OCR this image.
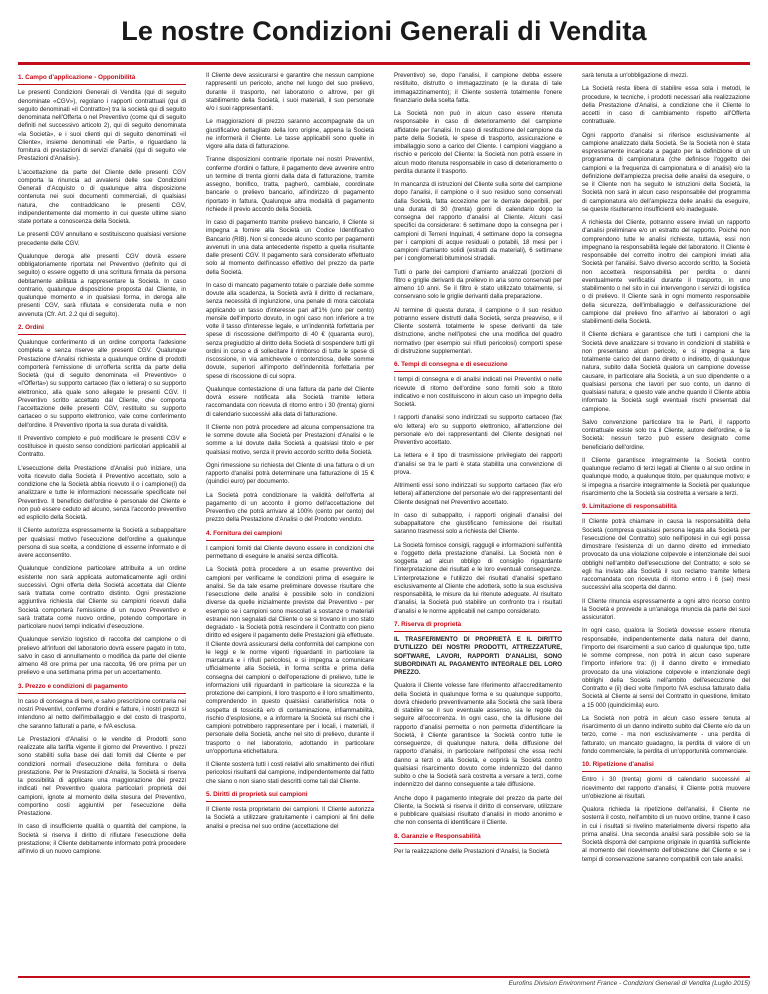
Le nostre Condizioni Generali di Vendita
1. Campo d'applicazione - Opponibilità

Le presenti Condizioni Generali di Vendita (qui di seguito denominate «CGV»), regolano i rapporti contrattuali (qui di seguito denominati «il Contratto») tra la società qui di seguito denominata nell'Offerta o nel Preventivo (come qui di seguito definiti nel successivo articolo 2), qui di seguito denominata «la Società», e i suoi clienti qui di seguito denominati «il Cliente», insieme denominati «le Parti», e riguardano la fornitura di prestazioni di servizi d'analisi (qui di seguito «le Prestazioni d'Analisi»).

L'accettazione da parte del Cliente delle presenti CGV comporta la rinuncia ad avvalersi delle sue Condizioni Generali d'Acquisto o di qualunque altra disposizione contenuta nei suoi documenti commerciali, di qualsiasi natura, che contraddicano le presenti CGV, indipendentemente dal momento in cui queste ultime siano state portate a conoscenza della Società.

Le presenti CGV annullano e sostituiscono qualsiasi versione precedente delle CGV.

Qualunque deroga alle presenti CGV dovrà essere obbligatoriamente riportata nel Preventivo (definito qui di seguito) o essere oggetto di una scrittura firmata da persona debitamente abilitata a rappresentare la Società. In caso contrario, qualunque disposizione proposta dal Cliente, in qualunque momento e in qualsiasi forma, in deroga alle presenti CGV, sarà rifiutata e considerata nulla e non avvenuta (Cfr. Art. 2.2 qui di seguito).

2. Ordini

Qualunque conferimento di un ordine comporta l'adesione completa e senza riserve alle presenti CGV. Qualunque Prestazione d'Analisi richiesta a qualunque ordine di prodotti comporterà l'emissione di un'offerta scritta da parte della Società (qui di seguito denominata «il Preventivo» o «l'Offerta») su supporto cartaceo (fax o lettera) o su supporto elettronico, alla quale sono allegate le presenti CGV. Il Preventivo scritto accettato dal Cliente, che comporta l'accettazione delle presenti CGV, restituito su supporto cartaceo o su supporto elettronico, vale come conferimento dell'ordine. Il Preventivo riporta la sua durata di validità.

Il Preventivo completo e può modificare le presenti CGV e costituisce in questo senso condizioni particolari applicabili al Contratto.

L'esecuzione della Prestazione d'Analisi può iniziare, una volta ricevuto dalla Società il Preventivo accettato, solo a condizione che la Società abbia ricevuto il o i campione(i) da analizzare e tutte le informazioni necessarie specificate nel Preventivo. Il beneficio dell'ordine è personale del Cliente e non può essere ceduto ad alcuno, senza l'accordo preventivo ed esplicito della Società.

Il Cliente autorizza espressamente la Società a subappaltare per qualsiasi motivo l'esecuzione dell'ordine a qualunque persona di sua scelta, a condizione di esserne informato e di avere acconsentito.

Qualunque condizione particolare attribuita a un ordine esistente non sarà applicata automaticamente agli ordini successivi. Ogni offerta della Società accettata dal Cliente sarà trattata come contratto distinto. Ogni prestazione aggiuntiva richiesta dal Cliente su campioni ricevuti dalla Società comporterà l'emissione di un nuovo Preventivo e sarà trattata come nuovo ordine, potendo comportare in particolare nuovi tempi indicativi d'esecuzione.

Qualunque servizio logistico di raccolta del campione o di prelievo all'infuori del laboratorio dovrà essere pagato in toto, salvo in caso di annullamento o modifica da parte del cliente almeno 48 ore prima per una raccolta, 96 ore prima per un prelievo e una settimana prima per un accertamento.

3. Prezzo e condizioni di pagamento

In caso di consegna di beni, e salvo prescrizione contraria nei nostri Preventivi, conferme d'ordini e fatture, i nostri prezzi si intendono al netto dell'imballaggio e del costo di trasporto, che saranno fatturati a parte, e IVA esclusa.

Le Prestazioni d'Analisi o le vendite di Prodotti sono realizzate alla tariffa vigente il giorno del Preventivo. I prezzi sono stabiliti sulla base dei dati forniti dal Cliente e per condizioni normali d'esecuzione della fornitura o della prestazione. Per le Prestazioni d'Analisi, la Società si riserva la possibilità di applicare una maggiorazione dei prezzi indicati nel Preventivo qualora particolari proprietà dei campioni, ignote al momento della stesura del Preventivo, comportino costi aggiuntivi per l'esecuzione della Prestazione.

In caso di insufficiente qualità o quantità del campione, la Società si riserva il diritto di rifiutare l'esecuzione della prestazione; il Cliente debitamente informato potrà procedere all'invio di un nuovo campione.

Il Cliente deve assicurarsi e garantire che nessun campione rappresenti un pericolo, anche nel luogo del suo prelievo, durante il trasporto, nel laboratorio o altrove, per gli stabilimento della Società, i suoi materiali, il suo personale e/o i suoi rappresentanti.

Le maggiorazioni di prezzo saranno accompagnate da un giustificativo dettagliato della loro origine, appena la Società ne informerà il Cliente. Le tasse applicabili sono quelle in vigore alla data di fatturazione.

Tranne disposizioni contrarie riportate nei nostri Preventivi, conferme d'ordini o fatture, il pagamento deve avvenire entro un termine di trenta giorni dalla data di fatturazione, tramite assegno, bonifico, tratta, pagherò, cambiale, coordinate bancarie o prelievo bancario, all'indirizzo di pagamento riportato in fattura. Qualunque altra modalità di pagamento richiede il previo accordo della Società.

In caso di pagamento tramite prelievo bancario, il Cliente si impegna a fornire alla Società un Codice Identificativo Bancario (RIB). Non si concede alcuno sconto per pagamenti avvenuti in una data antecedente rispetto a quella risultante dalle presenti CGV. Il pagamento sarà considerato effettuato solo al momento dell'incasso effettivo del prezzo da parte della Società.

In caso di mancato pagamento totale o parziale delle somme dovute alla scadenza, la Società avrà il diritto di reclamare, senza necessità di ingiunzione, una penale di mora calcolata applicando un tasso d'interesse pari all'1% (uno per cento) mensile dell'importo dovuto, in ogni caso non inferiore a tre volte il tasso d'interesse legale, e un'indennità forfettaria per spese di riscossione dell'importo di 40 € (quaranta euro), senza pregiudizio al diritto della Società di sospendere tutti gli ordini in corso e di sollecitare il rimborso di tutte le spese di riscossione, in via amichevole o contenziosa, delle somme dovute, superiori all'importo dell'indennità forfettaria per spese di riscossione di cui sopra.

Qualunque contestazione di una fattura da parte del Cliente dovrà essere notificata alla Società tramite lettera raccomandata con ricevuta di ritorno entro i 30 (trenta) giorni di calendario successivi alla data di fatturazione.

Il Cliente non potrà procedere ad alcuna compensazione tra le somme dovute alla Società per Prestazioni d'Analisi e le somme a lui dovute dalla Società a qualsiasi titolo e per qualsiasi motivo, senza il previo accordo scritto della Società.

Ogni rimessione su richiesta del Cliente di una fattura o di un rapporto d'analisi potrà determinare una fatturazione di 15 € (quindici euro) per documento.

La Società potrà condizionare la validità dell'offerta al pagamento di un acconto il giorno dell'accettazione del Preventivo che potrà arrivare al 100% (cento per cento) del prezzo della Prestazione d'Analisi o del Prodotto venduto.

4. Fornitura dei campioni

I campioni forniti dal Cliente devono essere in condizioni che permettano di eseguire le analisi senza difficoltà.

La Società potrà procedere a un esame preventivo dei campioni per verificarne le condizioni prima di eseguire le analisi. Se da tale esame preliminare dovesse risultare che l'esecuzione delle analisi è possibile solo in condizioni diverse da quelle inizialmente previste dal Preventivo - per esempio se i campioni sono mescolati a sostanze o materiali estranei non segnalati dal Cliente o se si trovano in uno stato degradato - la Società potrà rescindere il Contratto con pieno diritto ed esigere il pagamento delle Prestazioni già effettuate. Il Cliente dovrà assicurarsi della conformità del campione con le leggi e le norme vigenti riguardanti in particolare la marcatura e i rifiuti pericolosi, e si impegna a comunicare ufficialmente alla Società, in forma scritta e prima della consegna dei campioni o dell'operazione di prelievo, tutte le informazioni utili riguardanti in particolare la sicurezza e la protezione dei campioni, il loro trasporto e il loro smaltimento, comprendendo in questo qualsiasi caratteristica nota o sospetta di tossicità e/o di contaminazione, infiammabilità, rischio d'esplosione, e a informare la Società sui rischi che i campioni potrebbero rappresentare per i locali, i materiali, il personale della Società, anche nel sito di prelievo, durante il trasporto o nel laboratorio, adottando in particolare un'opportuna etichettatura.

Il Cliente sosterrà tutti i costi relativi allo smaltimento dei rifiuti pericolosi risultanti dal campione, indipendentemente dal fatto che siano o non siano stati descritti come tali dal Cliente.

5. Diritti di proprietà sui campioni

Il Cliente resta proprietario dei campioni. Il Cliente autorizza la Società a utilizzare gratuitamente i campioni ai fini delle analisi e precisa nel suo ordine (accettazione del

Preventivo) se, dopo l'analisi, il campione debba essere restituito, distrutto o immagazzinato (e la durata di tale immagazzinamento); il Cliente sosterrà totalmente l'onere finanziario della scelta fatta.

La Società non può in alcun caso essere ritenuta responsabile in caso di deterioramento del campione affidatole per l'analisi. In caso di restituzione del campione da parte della Società, le spese di trasporto, assicurazione e imballaggio sono a carico del Cliente. I campioni viaggiano a rischio e pericolo del Cliente: la Società non potrà essere in alcun modo ritenuta responsabile in caso di deterioramento o perdita durante il trasporto.

In mancanza di istruzioni del Cliente sulla sorte del campione dopo l'analisi, il campione o il suo residuo sono conservati dalla Società, fatta eccezione per le derrate deperibili, per una durata di 30 (trenta) giorni di calendario dopo la consegna del rapporto d'analisi al Cliente. Alcuni casi specifici da considerare: 6 settimane dopo la consegna per i campioni di Terreni Inquinati, 4 settimane dopo la consegna per i campioni di acque residuali o potabili, 18 mesi per i campioni d'amianto solidi (estratti da materiali), 6 settimane per i conglomerati bituminosi stradali.

Tutti o parte dei campioni d'amianto analizzati (porzioni di filtro e griglie derivanti da prelievo in aria sono conservati per almeno 10 anni. Se il filtro è stato utilizzato totalmente, si conservano solo le griglie derivanti dalla preparazione.

Al termine di questa durata, il campione o il suo residuo potranno essere distrutti dalla Società, senza preavviso, e il Cliente sosterrà totalmente le spese derivanti da tale distruzione, anche nell'ipotesi che una modifica del quadro normativo (per esempio sui rifiuti pericolosi) comporti spese di distruzione supplementari.

6. Tempi di consegna e di esecuzione

I tempi di consegna e di analisi indicati nei Preventivi o nelle ricevute di ritorno dell'ordine sono forniti solo a titolo indicativo e non costituiscono in alcun caso un impegno della Società.

I rapporti d'analisi sono indirizzati su supporto cartaceo (fax e/o lettera) e/o su supporto elettronico, all'attenzione del personale e/o dei rappresentanti del Cliente designati nel Preventivo accettato.

La lettera e il tipo di trasmissione privilegiato dei rapporti d'analisi se tra le parti è stata stabilita una convenzione di prova.

Altrimenti essi sono indirizzati su supporto cartaceo (fax e/o lettera) all'attenzione del personale e/o dei rappresentanti del Cliente designati nel Preventivo accettato.

In caso di subappalto, i rapporti originali d'analisi del subappaltatore che giustificano l'emissione dei risultati saranno trasmessi solo a richiesta del Cliente.

La Società fornisce consigli, raggugli e informazioni sull'entità e l'oggetto della prestazione d'analisi. La Società non è soggetta ad alcun obbligo di consiglio riguardante l'interpretazione dei risultati e le loro eventuali conseguenze. L'interpretazione e l'utilizzo dei risultati d'analisi spettano esclusivamente al Cliente che adotterà, sotto la sua esclusiva responsabilità, le misure da lui ritenute adeguate. Al risultato d'analisi, la Società può stabilire un confronto tra i risultati d'analisi e le norme applicabili nel campo considerato.

7. Riserva di proprietà

IL TRASFERIMENTO DI PROPRIETÀ E IL DIRITTO D'UTILIZZO DEI NOSTRI PRODOTTI, ATTREZZATURE, SOFTWARE, LAVORI, RAPPORTI D'ANALISI, SONO SUBORDINATI AL PAGAMENTO INTEGRALE DEL LORO PREZZO.

Qualora il Cliente volesse fare riferimento all'accreditamento della Società in qualunque forma e su qualunque supporto, dovrà chiederlo preventivamente alla Società che sarà libera di stabilire se il suo eventuale assenso, sia le regole da seguire all'occorrenza. In ogni caso, che la diffusione del rapporto d'analisi permetta o non permetta d'identificare la Società, il Cliente garantisce la Società contro tutte le conseguenze, di qualunque natura, della diffusione del rapporto d'analisi, in particolare nell'ipotesi che essa rechi danno a terzi o alla Società, e coprirà la Società contro qualsiasi risarcimento dovuto come indennizzo del danno subito o che la Società sarà costretta a versare a terzi, come indennizzo del danno conseguente a tale diffusione.

Anche dopo il pagamento integrale del prezzo da parte del Cliente, la Società si riserva il diritto di conservare, utilizzare e pubblicare qualsiasi risultato d'analisi in modo anonimo e che non consenta di identificare il Cliente.

8. Garanzie e Responsabilità

Per la realizzazione delle Prestazioni d'Analisi, la Società

sarà tenuta a un'obbligazione di mezzi.

La Società resta libera di stabilire essa sola i metodi, le procedure, le tecniche, i prodotti necessari alla realizzazione della Prestazione d'Analisi, a condizione che il Cliente lo accetti in caso di cambiamento rispetto all'Offerta contrattuale.

Ogni rapporto d'analisi si riferisce esclusivamente al campione analizzato dalla Società. Se la Società non è stata espressamente incaricata a pagato per la definizione di un programma di campionatura (che definisce l'oggetto dei campioni e la frequenza di campionatura e di analisi) e/o la definizione dell'ampiezza precisa delle analisi da eseguire, o se il Cliente non ha seguito le istruzioni della Società, la Società non sarà in alcun caso responsabile del programma di campionatura e/o dell'ampiezza delle analisi da eseguire, se queste risulteranno insufficienti e/o inadeguate.

A richiesta del Cliente, potranno essere inviati un rapporto d'analisi preliminare e/o un estratto del rapporto. Poiché non comprendono tutte le analisi richieste, tuttavia, essi non impegnano la responsabilità legale del laboratorio. Il Cliente è responsabile del corretto inoltro dei campioni inviati alla Società per l'analisi. Salvo diverso accordo scritto, la Società non accetterà responsabilità per perdita o danni eventualmente verificatisi durante il trasporto, in uno stabilimento o nel sito in cui intervengono i servizi di logistica o di prelievo. Il Cliente sarà in ogni momento responsabile della sicurezza, dell'imballaggio e dell'assicurazione del campione dal prelievo fino all'arrivo ai laboratori o agli stabilimenti della Società.

Il Cliente dichiara e garantisce che tutti i campioni che la Società deve analizzare si trovano in condizioni di stabilità e non presentano alcun pericolo, e si impegna a fare totalmente carico del danno diretto o indiretto, di qualunque natura, subito dalla Società qualora un campione dovesse causare, in particolare alla Società, a un suo dipendente o a qualsiasi persona che lavori per suo conto, un danno di qualsiasi natura; e questo vale anche quando il Cliente abbia informato la Società sugli eventuali rischi presentati dal campione.

Salvo convenzione particolare tra le Parti, il rapporto contrattuale esiste solo tra il Cliente, autore dell'ordine, e la Società: nessun terzo può essere designato come beneficiario dell'ordine.

Il Cliente garantisce integralmente la Società contro qualunque reclamo di terzi legati al Cliente o al suo ordine in qualunque modo, a qualunque titolo, per qualunque motivo; e si impegna a risarcire integralmente la Società per qualunque risarcimento che la Società sia costretta a versare a terzi.

9. Limitazione di responsabilità

Il Cliente potrà chiamare in causa la responsabilità della Società (compresa qualsiasi persona legata alla Società per l'esecuzione del Contratto) solo nell'ipotesi in cui egli possa dimostrare l'esistenza di un danno diretto ed immediato provocato da una violazione colpevole e intenzionale dei suoi obblighi nell'ambito dell'esecuzione del Contratto; e solo se egli ha inviato alla Società il suo reclamo tramite lettera raccomandata con ricevuta di ritorno entro i 6 (sei) mesi successivi alla scoperta del danno.

Il Cliente rinuncia espressamente a ogni altro ricorso contro la Società e provvede a un'analoga rinuncia da parte dei suoi assicuratori.

In ogni caso, qualora la Società dovesse essere ritenuta responsabile, indipendentemente dalla natura del danno, l'importo dei risarcimenti a suo carico di qualunque tipo, tutte le somme comprese, non potrà in alcun caso superare l'importo inferiore tra: (i) il danno diretto e immediato provocato da una violazione colpevole e intenzionale degli obblighi della Società nell'ambito dell'esecuzione del Contratto e (ii) dieci volte l'importo IVA esclusa fatturato dalla Società al Cliente ai sensi del Contratto in questione, limitato a 15 000 (quindicimila) euro.

La Società non potrà in alcun caso essere tenuta al risarcimento di un danno indiretto subito dal Cliente e/o da un terzo, come - ma non esclusivamente - una perdita di fatturato, un mancato guadagno, la perdita di valore di un fondo commerciale, la perdita di un'opportunità commerciale.

10. Ripetizione d'analisi

Entro i 30 (trenta) giorni di calendario successivi al ricevimento del rapporto d'analisi, il Cliente potrà muovere un'obiezione ai risultati.

Qualora richieda la ripetizione dell'analisi, il Cliente ne sosterrà il costo, nell'ambito di un nuovo ordine, tranne il caso in cui i risultati si rivelino materialmente diversi rispetto alla prima analisi. Una seconda analisi sarà possibile solo se la Società disporrà del campione originale in quantità sufficiente al momento del ricevimento dell'obiezione del Cliente e se i tempi di conservazione saranno compatibili con tale analisi.

Eurofins Division Environment France - Condizioni Generali di Vendita (Luglio 2015)
